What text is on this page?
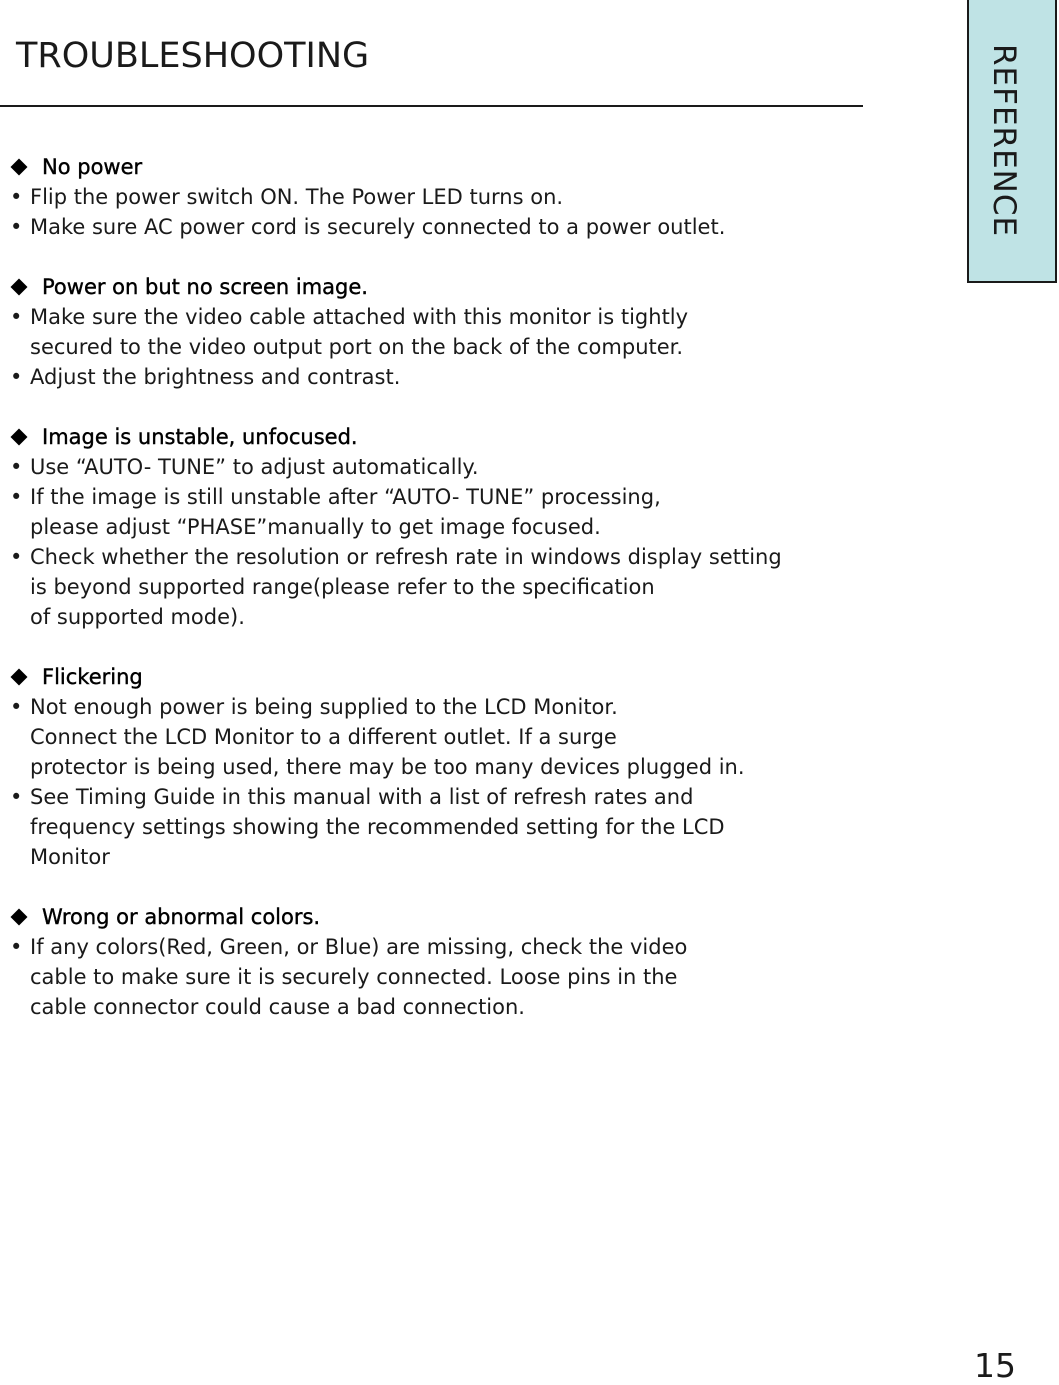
TROUBLESHOOTING	REFERENCE
No power
• Flip the power switch ON. The Power LED turns on.
• Make sure AC power cord is securely connected to a power outlet.
Power on but no screen image.
• Make sure the video cable attached with this monitor is tightly
secured to the video output port on the back of the computer.
• Adjust the brightness and contrast.
Image is unstable, unfocused.
• Use “AUTO- TUNE” to adjust automatically.
• If the image is still unstable after “AUTO- TUNE” processing,
please adjust “PHASE”manually to get image focused.
• Check whether the resolution or refresh rate in windows display setting
is beyond supported range(please refer to the specification
of supported mode).
Flickering
• Not enough power is being supplied to the LCD Monitor.
Connect the LCD Monitor to a different outlet. If a surge
protector is being used, there may be too many devices plugged in.
• See Timing Guide in this manual with a list of refresh rates and
frequency settings showing the recommended setting for the LCD
Monitor
Wrong or abnormal colors.
• If any colors(Red, Green, or Blue) are missing, check the video
cable to make sure it is securely connected. Loose pins in the
cable connector could cause a bad connection.
15
